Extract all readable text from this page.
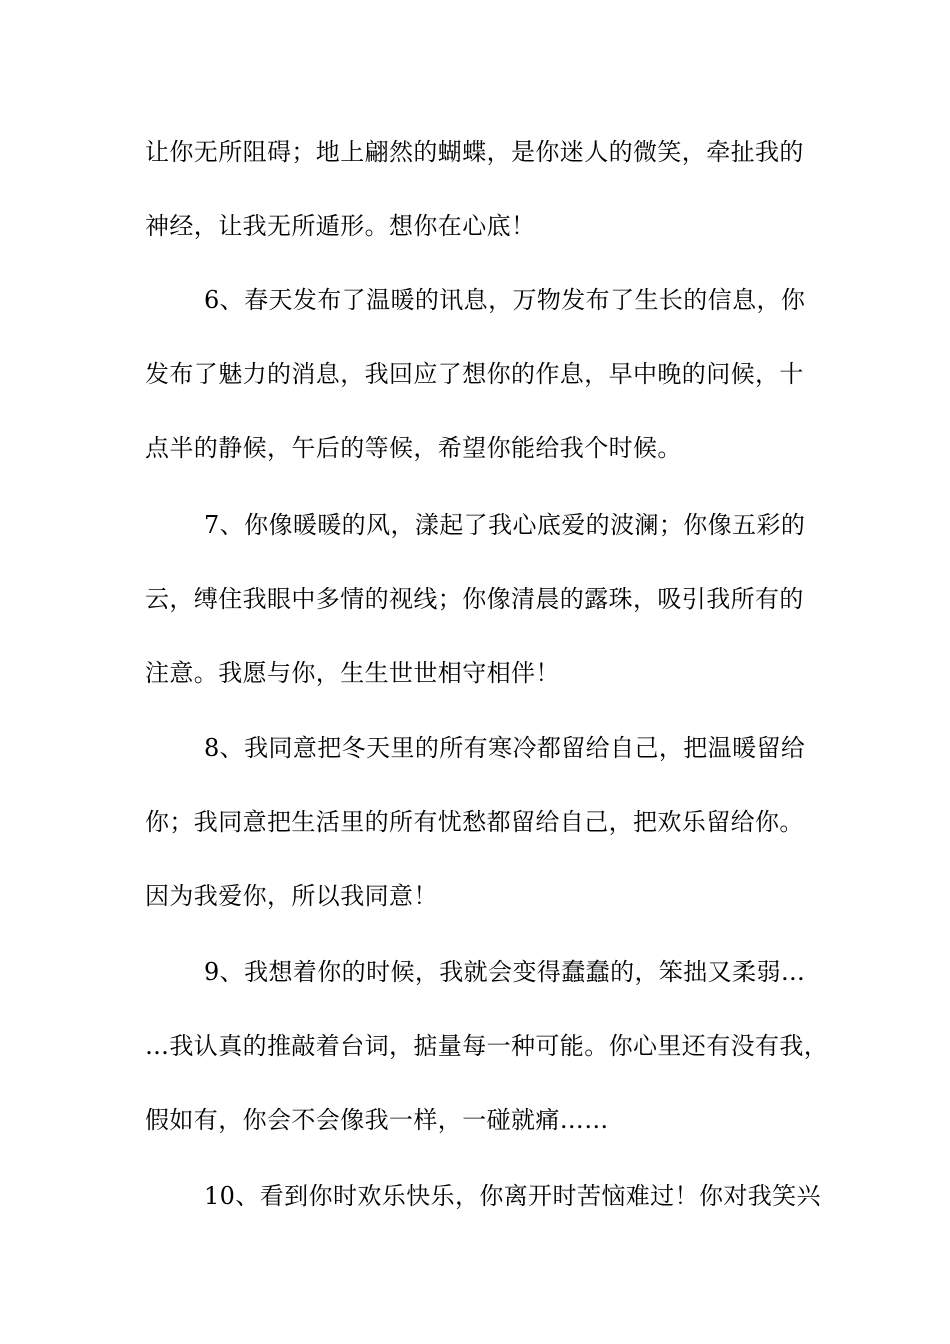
让你无所阻碍；地上翩然的蝴蝶，是你迷人的微笑，牵扯我的
神经，让我无所遁形。想你在心底！
6、春天发布了温暖的讯息，万物发布了生长的信息，你
发布了魅力的消息，我回应了想你的作息，早中晚的问候，十
点半的静候，午后的等候，希望你能给我个时候。
7、你像暖暖的风，漾起了我心底爱的波澜；你像五彩的
云，缚住我眼中多情的视线；你像清晨的露珠，吸引我所有的
注意。我愿与你，生生世世相守相伴！
8、我同意把冬天里的所有寒冷都留给自己，把温暖留给
你；我同意把生活里的所有忧愁都留给自己，把欢乐留给你。
因为我爱你，所以我同意！
9、我想着你的时候，我就会变得蠢蠢的，笨拙又柔弱…
…我认真的推敲着台词，掂量每一种可能。你心里还有没有我，
假如有，你会不会像我一样，一碰就痛……
10、看到你时欢乐快乐，你离开时苦恼难过！你对我笑兴
